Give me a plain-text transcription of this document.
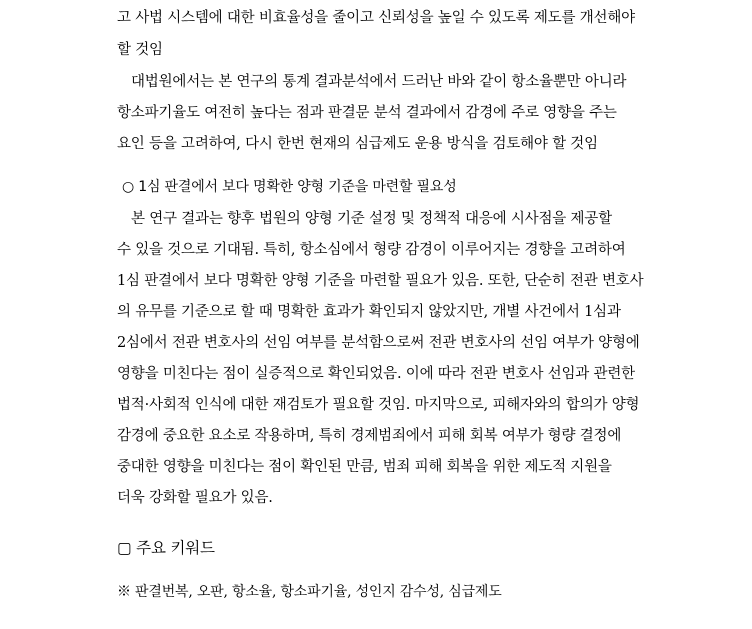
고 사법 시스템에 대한 비효율성을 줄이고 신뢰성을 높일 수 있도록 제도를 개선해야
할 것임
대법원에서는 본 연구의 통계 결과분석에서 드러난 바와 같이 항소율뿐만 아니라
항소파기율도 여전히 높다는 점과 판결문 분석 결과에서 감경에 주로 영향을 주는
요인 등을 고려하여, 다시 한번 현재의 심급제도 운용 방식을 검토해야 할 것임
○ 1심 판결에서 보다 명확한 양형 기준을 마련할 필요성
본 연구 결과는 향후 법원의 양형 기준 설정 및 정책적 대응에 시사점을 제공할
수 있을 것으로 기대됨. 특히, 항소심에서 형량 감경이 이루어지는 경향을 고려하여
1심 판결에서 보다 명확한 양형 기준을 마련할 필요가 있음. 또한, 단순히 전관 변호사
의 유무를 기준으로 할 때 명확한 효과가 확인되지 않았지만, 개별 사건에서 1심과
2심에서 전관 변호사의 선임 여부를 분석함으로써 전관 변호사의 선임 여부가 양형에
영향을 미친다는 점이 실증적으로 확인되었음. 이에 따라 전관 변호사 선임과 관련한
법적·사회적 인식에 대한 재검토가 필요할 것임. 마지막으로, 피해자와의 합의가 양형
감경에 중요한 요소로 작용하며, 특히 경제범죄에서 피해 회복 여부가 형량 결정에
중대한 영향을 미친다는 점이 확인된 만큼, 범죄 피해 회복을 위한 제도적 지원을
더욱 강화할 필요가 있음.
▢ 주요 키워드
※ 판결번복, 오판, 항소율, 항소파기율, 성인지 감수성, 심급제도
